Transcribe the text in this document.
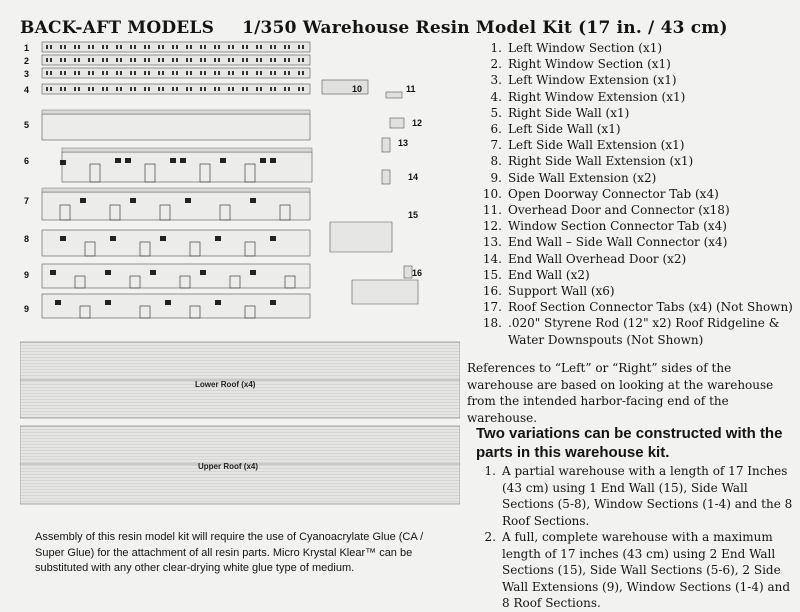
BACK-AFT MODELS 1/350 Warehouse Resin Model Kit (17 in. / 43 cm)
1
2
3
4
5
6
7
8
9
9
10	11
12
13
14
15
16
Lower Roof (x4)
Upper Roof (x4)
1. Left Window Section (x1)
2. Right Window Section (x1)
3. Left Window Extension (x1)
4. Right Window Extension (x1)
5. Right Side Wall (x1)
6. Left Side Wall (x1)
7. Left Side Wall Extension (x1)
8. Right Side Wall Extension (x1)
9. Side Wall Extension (x2)
10. Open Doorway Connector Tab (x4)
11. Overhead Door and Connector (x18)
12. Window Section Connector Tab (x4)
13. End Wall – Side Wall Connector (x4)
14. End Wall Overhead Door (x2)
15. End Wall (x2)
16. Support Wall (x6)
17. Roof Section Connector Tabs (x4) (Not Shown)
18. .020" Styrene Rod (12" x2) Roof Ridgeline & Water Downspouts (Not Shown)
References to “Left” or “Right” sides of the warehouse are based on looking at the warehouse from the intended harbor-facing end of the warehouse.
Two variations can be constructed with the parts in this warehouse kit.
1. A partial warehouse with a length of 17 Inches (43 cm) using 1 End Wall (15), Side Wall Sections (5-8), Window Sections (1-4) and the 8 Roof Sections.
2. A full, complete warehouse with a maximum length of 17 inches (43 cm) using 2 End Wall Sections (15), Side Wall Sections (5-6), 2 Side Wall Extensions (9), Window Sections (1-4) and 8 Roof Sections.
Assembly of this resin model kit will require the use of Cyanoacrylate Glue (CA / Super Glue) for the attachment of all resin parts. Micro Krystal Klear™ can be substituted with any other clear-drying white glue type of medium.
